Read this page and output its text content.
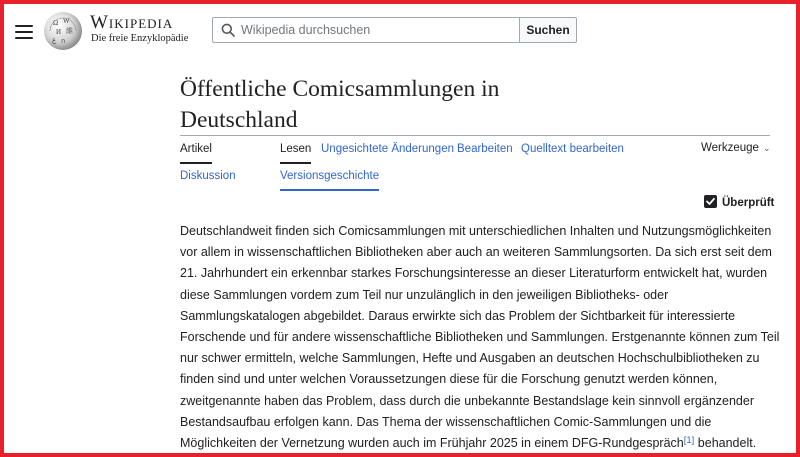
Ω W
И 維
ع ก
Wikipedia
Die freie Enzyklopädie
Wikipedia durchsuchen
Suchen
Öffentliche Comicsammlungen in
Deutschland
Artikel
Diskussion
Lesen Ungesichtete Änderungen Bearbeiten Quelltext bearbeiten
Versionsgeschichte
Werkzeuge ⌄
Überprüft

Deutschlandweit finden sich Comicsammlungen mit unterschiedlichen Inhalten und Nutzungsmöglichkeiten
vor allem in wissenschaftlichen Bibliotheken aber auch an weiteren Sammlungsorten. Da sich erst seit dem
21. Jahrhundert ein erkennbar starkes Forschungsinteresse an dieser Literaturform entwickelt hat, wurden
diese Sammlungen vordem zum Teil nur unzulänglich in den jeweiligen Bibliotheks- oder
Sammlungskatalogen abgebildet. Daraus erwirkte sich das Problem der Sichtbarkeit für interessierte
Forschende und für andere wissenschaftliche Bibliotheken und Sammlungen. Erstgenannte können zum Teil
nur schwer ermitteln, welche Sammlungen, Hefte und Ausgaben an deutschen Hochschulbibliotheken zu
finden sind und unter welchen Voraussetzungen diese für die Forschung genutzt werden können,
zweitgenannte haben das Problem, dass durch die unbekannte Bestandslage kein sinnvoll ergänzender
Bestandsaufbau erfolgen kann. Das Thema der wissenschaftlichen Comic-Sammlungen und die
Möglichkeiten der Vernetzung wurden auch im Frühjahr 2025 in einem DFG-Rundgespräch[1] behandelt.
